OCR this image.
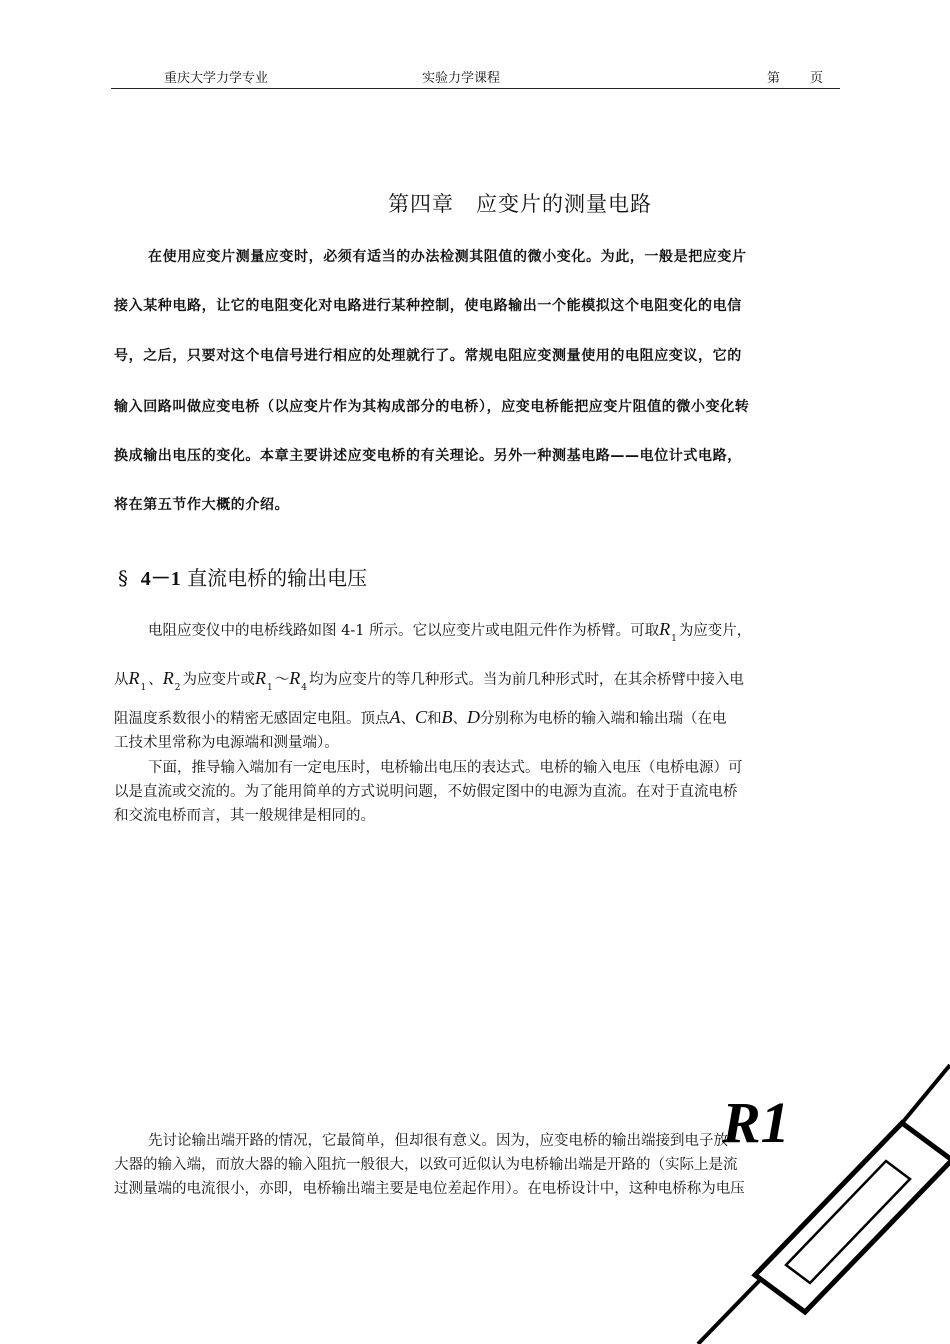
重庆大学力学专业	实验力学课程	第 页
第四章　应变片的测量电路
在使用应变片测量应变时，必须有适当的办法检测其阻值的微小变化。为此，一般是把应变片
接入某种电路，让它的电阻变化对电路进行某种控制，使电路输出一个能模拟这个电阻变化的电信
号，之后，只要对这个电信号进行相应的处理就行了。常规电阻应变测量使用的电阻应变议，它的
输入回路叫做应变电桥（以应变片作为其构成部分的电桥），应变电桥能把应变片阻值的微小变化转
换成输出电压的变化。本章主要讲述应变电桥的有关理论。另外一种测基电路——电位计式电路，
将在第五节作大概的介绍。
§ 4－1 直流电桥的输出电压
电阻应变仪中的电桥线路如图 4-1 所示。它以应变片或电阻元件作为桥臂。可取$R_1$ 为应变片，
从$R_1$ 、$R_2$ 为应变片或$R_1$ $\sim R_4$ 均为应变片的等几种形式。当为前几种形式时，在其余桥臂中接入电
阻温度系数很小的精密无感固定电阻。顶点A、C和B、D分别称为电桥的输入端和输出瑞（在电
工技术里常称为电源端和测量端）。
下面，推导输入端加有一定电压时，电桥输出电压的表达式。电桥的输入电压（电桥电源）可
以是直流或交流的。为了能用简单的方式说明问题，不妨假定图中的电源为直流。在对于直流电桥
和交流电桥而言，其一般规律是相同的。
先讨论输出端开路的情况，它最简单，但却很有意义。因为，应变电桥的输出端接到电子放
大器的输入端，而放大器的输入阻抗一般很大，以致可近似认为电桥输出端是开路的（实际上是流
过测量端的电流很小，亦即，电桥输出端主要是电位差起作用）。在电桥设计中，这种电桥称为电压
R1
